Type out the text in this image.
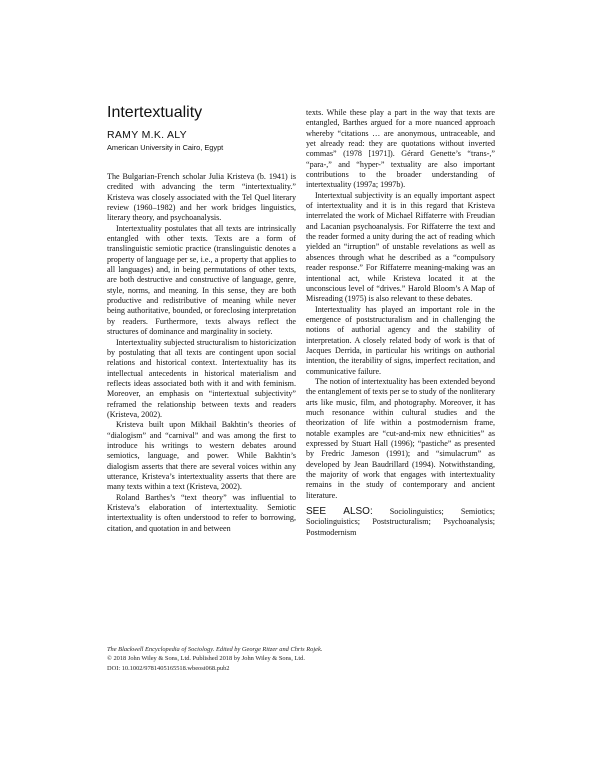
Intertextuality
RAMY M.K. ALY
American University in Cairo, Egypt

The Bulgarian-French scholar Julia Kristeva (b. 1941) is credited with advancing the term “intertextuality.” Kristeva was closely associated with the Tel Quel literary review (1960–1982) and her work bridges linguistics, literary theory, and psychoanalysis.

Intertextuality postulates that all texts are intrinsically entangled with other texts. Texts are a form of translinguistic semiotic practice (translinguistic denotes a property of language per se, i.e., a property that applies to all languages) and, in being permutations of other texts, are both destructive and constructive of language, genre, style, norms, and meaning. In this sense, they are both productive and redistributive of meaning while never being authoritative, bounded, or foreclosing interpretation by readers. Furthermore, texts always reflect the structures of dominance and marginality in society.

Intertextuality subjected structuralism to historicization by postulating that all texts are contingent upon social relations and historical context. Intertextuality has its intellectual antecedents in historical materialism and reflects ideas associated both with it and with feminism. Moreover, an emphasis on “intertextual subjectivity” reframed the relationship between texts and readers (Kristeva, 2002).

Kristeva built upon Mikhail Bakhtin’s theories of “dialogism” and “carnival” and was among the first to introduce his writings to western debates around semiotics, language, and power. While Bakhtin’s dialogism asserts that there are several voices within any utterance, Kristeva’s intertextuality asserts that there are many texts within a text (Kristeva, 2002).

Roland Barthes’s “text theory” was influential to Kristeva’s elaboration of intertextuality. Semiotic intertextuality is often understood to refer to borrowing, citation, and quotation in and between

texts. While these play a part in the way that texts are entangled, Barthes argued for a more nuanced approach whereby “citations … are anonymous, untraceable, and yet already read: they are quotations without inverted commas” (1978 [1971]). Gérard Genette’s “trans-,” “para-,” and “hyper-” textuality are also important contributions to the broader understanding of intertextuality (1997a; 1997b).

Intertextual subjectivity is an equally important aspect of intertextuality and it is in this regard that Kristeva interrelated the work of Michael Riffaterre with Freudian and Lacanian psychoanalysis. For Riffaterre the text and the reader formed a unity during the act of reading which yielded an “irruption” of unstable revelations as well as absences through what he described as a “compulsory reader response.” For Riffaterre meaning-making was an intentional act, while Kristeva located it at the unconscious level of “drives.” Harold Bloom’s A Map of Misreading (1975) is also relevant to these debates.

Intertextuality has played an important role in the emergence of poststructuralism and in challenging the notions of authorial agency and the stability of interpretation. A closely related body of work is that of Jacques Derrida, in particular his writings on authorial intention, the iterability of signs, imperfect recitation, and communicative failure.

The notion of intertextuality has been extended beyond the entanglement of texts per se to study of the nonliterary arts like music, film, and photography. Moreover, it has much resonance within cultural studies and the theorization of life within a postmodernism frame, notable examples are “cut-and-mix new ethnicities” as expressed by Stuart Hall (1996); “pastiche” as presented by Fredric Jameson (1991); and “simulacrum” as developed by Jean Baudrillard (1994). Notwithstanding, the majority of work that engages with intertextuality remains in the study of contemporary and ancient literature.

SEE ALSO: Sociolinguistics; Semiotics; Sociolinguistics; Poststructuralism; Psychoanalysis; Postmodernism

The Blackwell Encyclopedia of Sociology. Edited by George Ritzer and Chris Rojek.
© 2018 John Wiley & Sons, Ltd. Published 2018 by John Wiley & Sons, Ltd.
DOI: 10.1002/9781405165518.wbeosi068.pub2
